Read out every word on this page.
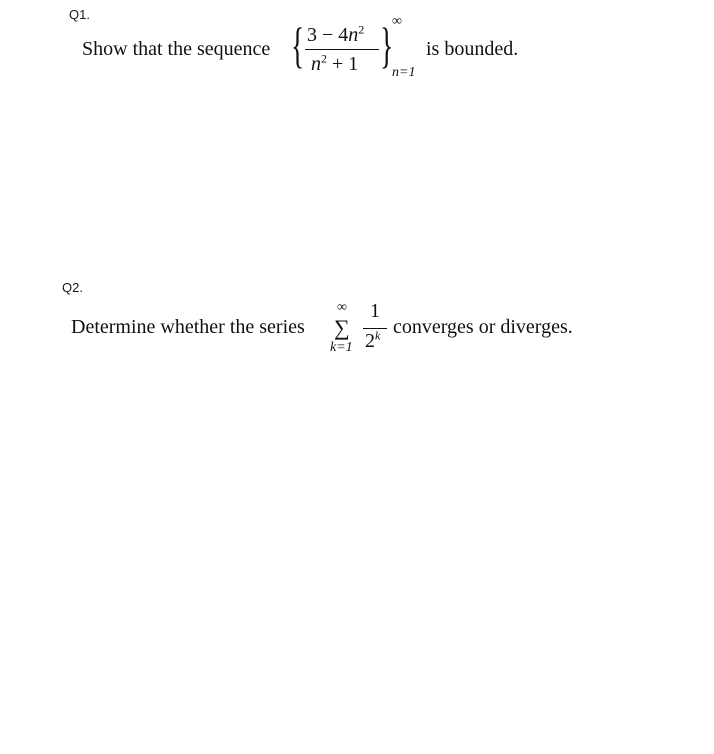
Q1.
Show that the sequence { $3 - 4n^2$
$n^2 + 1$ }
∞
n=1
is bounded.
Q2.
Determine whether the series
∞
∑
k=1
1
2$^k$ converges or diverges.
